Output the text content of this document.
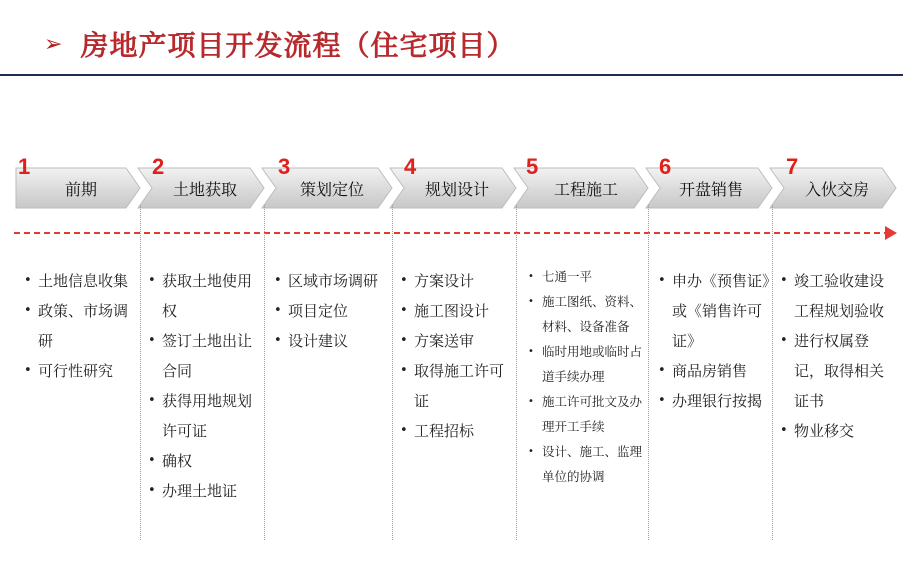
➢ 房地产项目开发流程（住宅项目）
前期	土地获取	策划定位	规划设计	工程施工	开盘销售	入伙交房
1	2	3	4	5	6	7
• 土地信息收集
• 政策、市场调研
• 可行性研究
• 获取土地使用权
• 签订土地出让合同
• 获得用地规划许可证
• 确权
• 办理土地证
• 区域市场调研
• 项目定位
• 设计建议
• 方案设计
• 施工图设计
• 方案送审
• 取得施工许可证
• 工程招标
• 七通一平
• 施工图纸、资料、材料、设备准备
• 临时用地或临时占道手续办理
• 施工许可批文及办理开工手续
• 设计、施工、监理单位的协调
• 申办《预售证》或《销售许可证》
• 商品房销售
• 办理银行按揭
• 竣工验收建设工程规划验收
• 进行权属登记，取得相关证书
• 物业移交
